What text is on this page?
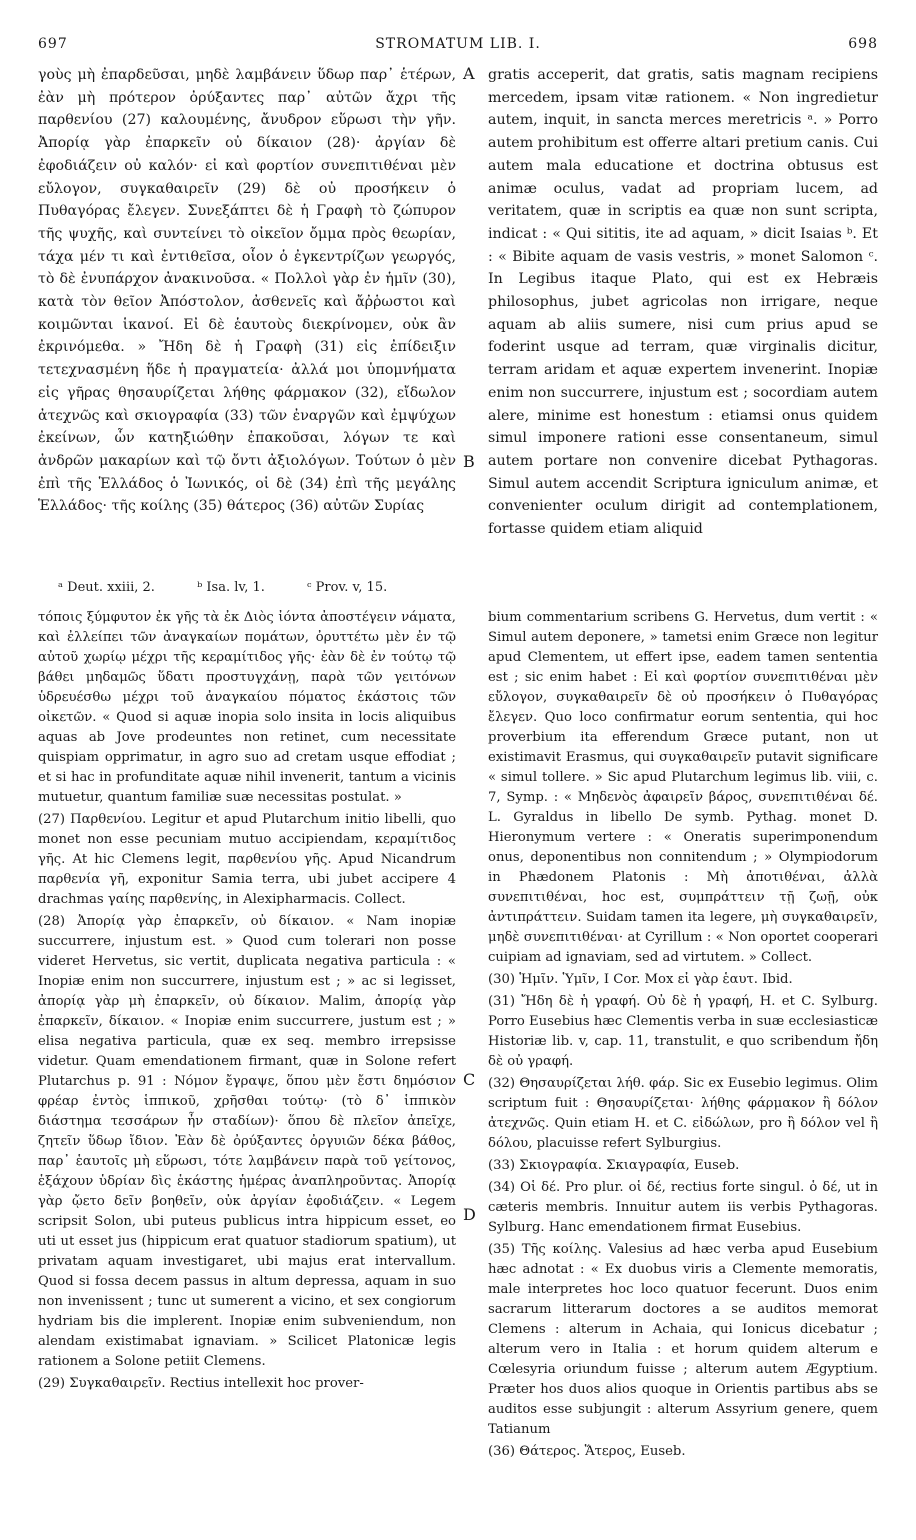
697	STROMATUM LIB. I.	698
γοὺς μὴ ἐπαρδεῦσαι, μηδὲ λαμβάνειν ὕδωρ παρ᾽ ἑτέρων, ἐὰν μὴ πρότερον ὀρύξαντες παρ᾽ αὐτῶν ἄχρι τῆς παρθενίου (27) καλουμένης, ἄνυδρον εὕρωσι τὴν γῆν. Ἀπορίᾳ γὰρ ἐπαρκεῖν οὐ δίκαιον (28)· ἀργίαν δὲ ἐφοδιάζειν οὐ καλόν· εἰ καὶ φορτίον συνεπιτιθέναι μὲν εὔλογον, συγκαθαιρεῖν (29) δὲ οὐ προσήκειν ὁ Πυθαγόρας ἔλεγεν. Συνεξάπτει δὲ ἡ Γραφὴ τὸ ζώπυρον τῆς ψυχῆς, καὶ συντείνει τὸ οἰκεῖον ὄμμα πρὸς θεωρίαν, τάχα μέν τι καὶ ἐντιθεῖσα, οἷον ὁ ἐγκεντρίζων γεωργός, τὸ δὲ ἐνυπάρχον ἀνακινοῦσα. « Πολλοὶ γὰρ ἐν ἡμῖν (30), κατὰ τὸν θεῖον Ἀπόστολον, ἀσθενεῖς καὶ ἄῤῥωστοι καὶ κοιμῶνται ἱκανοί. Εἰ δὲ ἑαυτοὺς διεκρίνομεν, οὐκ ἂν ἐκρινόμεθα. » Ἤδη δὲ ἡ Γραφὴ (31) εἰς ἐπίδειξιν τετεχνασμένη ἥδε ἡ πραγματεία· ἀλλά μοι ὑπομνήματα εἰς γῆρας θησαυρίζεται λήθης φάρμακον (32), εἴδωλον ἀτεχνῶς καὶ σκιογραφία (33) τῶν ἐναργῶν καὶ ἐμψύχων ἐκείνων, ὧν κατηξιώθην ἐπακοῦσαι, λόγων τε καὶ ἀνδρῶν μακαρίων καὶ τῷ ὄντι ἀξιολόγων. Τούτων ὁ μὲν ἐπὶ τῆς Ἑλλάδος ὁ Ἰωνικός, οἱ δὲ (34) ἐπὶ τῆς μεγάλης Ἑλλάδος· τῆς κοίλης (35) θάτερος (36) αὐτῶν Συρίας
gratis acceperit, dat gratis, satis magnam recipiens mercedem, ipsam vitæ rationem. « Non ingredietur autem, inquit, in sancta merces meretricis ᵃ. » Porro autem prohibitum est offerre altari pretium canis. Cui autem mala educatione et doctrina obtusus est animæ oculus, vadat ad propriam lucem, ad veritatem, quæ in scriptis ea quæ non sunt scripta, indicat : « Qui sititis, ite ad aquam, » dicit Isaias ᵇ. Et : « Bibite aquam de vasis vestris, » monet Salomon ᶜ. In Legibus itaque Plato, qui est ex Hebræis philosophus, jubet agricolas non irrigare, neque aquam ab aliis sumere, nisi cum prius apud se foderint usque ad terram, quæ virginalis dicitur, terram aridam et aquæ expertem invenerint. Inopiæ enim non succurrere, injustum est ; socordiam autem alere, minime est honestum : etiamsi onus quidem simul imponere rationi esse consentaneum, simul autem portare non convenire dicebat Pythagoras. Simul autem accendit Scriptura igniculum animæ, et convenienter oculum dirigit ad contemplationem, fortasse quidem etiam aliquid
A
B
C
D
ᵃ Deut. xxiii, 2.	ᵇ Isa. lv, 1.	ᶜ Prov. v, 15.

τόποις ξύμφυτον ἐκ γῆς τὰ ἐκ Διὸς ἰόντα ἀποστέγειν νάματα, καὶ ἐλλείπει τῶν ἀναγκαίων πομάτων, ὀρυττέτω μὲν ἐν τῷ αὐτοῦ χωρίῳ μέχρι τῆς κεραμίτιδος γῆς· ἐὰν δὲ ἐν τούτῳ τῷ βάθει μηδαμῶς ὕδατι προστυγχάνῃ, παρὰ τῶν γειτόνων ὑδρευέσθω μέχρι τοῦ ἀναγκαίου πόματος ἑκάστοις τῶν οἰκετῶν. « Quod si aquæ inopia solo insita in locis aliquibus aquas ab Jove prodeuntes non retinet, cum necessitate quispiam opprimatur, in agro suo ad cretam usque effodiat ; et si hac in profunditate aquæ nihil invenerit, tantum a vicinis mutuetur, quantum familiæ suæ necessitas postulat. »

(27) Παρθενίου. Legitur et apud Plutarchum initio libelli, quo monet non esse pecuniam mutuo accipiendam, κεραμίτιδος γῆς. At hic Clemens legit, παρθενίου γῆς. Apud Nicandrum παρθενία γῆ, exponitur Samia terra, ubi jubet accipere 4 drachmas γαίης παρθενίης, in Alexipharmacis. Collect.

(28) Ἀπορίᾳ γὰρ ἐπαρκεῖν, οὐ δίκαιον. « Nam inopiæ succurrere, injustum est. » Quod cum tolerari non posse videret Hervetus, sic vertit, duplicata negativa particula : « Inopiæ enim non succurrere, injustum est ; » ac si legisset, ἀπορίᾳ γὰρ μὴ ἐπαρκεῖν, οὐ δίκαιον. Malim, ἀπορίᾳ γὰρ ἐπαρκεῖν, δίκαιον. « Inopiæ enim succurrere, justum est ; » elisa negativa particula, quæ ex seq. membro irrepsisse videtur. Quam emendationem firmant, quæ in Solone refert Plutarchus p. 91 : Νόμον ἔγραψε, ὅπου μὲν ἔστι δημόσιον φρέαρ ἐντὸς ἱππικοῦ, χρῆσθαι τούτῳ· (τὸ δ᾽ ἱππικὸν διάστημα τεσσάρων ἦν σταδίων)· ὅπου δὲ πλεῖον ἀπεῖχε, ζητεῖν ὕδωρ ἴδιον. Ἐὰν δὲ ὀρύξαντες ὀργυιῶν δέκα βάθος, παρ᾽ ἑαυτοῖς μὴ εὕρωσι, τότε λαμβάνειν παρὰ τοῦ γείτονος, ἑξάχουν ὑδρίαν δὶς ἑκάστης ἡμέρας ἀναπληροῦντας. Ἀπορίᾳ γὰρ ᾤετο δεῖν βοηθεῖν, οὐκ ἀργίαν ἐφοδιάζειν. « Legem scripsit Solon, ubi puteus publicus intra hippicum esset, eo uti ut esset jus (hippicum erat quatuor stadiorum spatium), ut privatam aquam investigaret, ubi majus erat intervallum. Quod si fossa decem passus in altum depressa, aquam in suo non invenissent ; tunc ut sumerent a vicino, et sex congiorum hydriam bis die implerent. Inopiæ enim subveniendum, non alendam existimabat ignaviam. » Scilicet Platonicæ legis rationem a Solone petiit Clemens.

(29) Συγκαθαιρεῖν. Rectius intellexit hoc prover-

bium commentarium scribens G. Hervetus, dum vertit : « Simul autem deponere, » tametsi enim Græce non legitur apud Clementem, ut effert ipse, eadem tamen sententia est ; sic enim habet : Εἰ καὶ φορτίον συνεπιτιθέναι μὲν εὔλογον, συγκαθαιρεῖν δὲ οὐ προσήκειν ὁ Πυθαγόρας ἔλεγεν. Quo loco confirmatur eorum sententia, qui hoc proverbium ita efferendum Græce putant, non ut existimavit Erasmus, qui συγκαθαιρεῖν putavit significare « simul tollere. » Sic apud Plutarchum legimus lib. viii, c. 7, Symp. : « Μηδενὸς ἀφαιρεῖν βάρος, συνεπιτιθέναι δέ. L. Gyraldus in libello De symb. Pythag. monet D. Hieronymum vertere : « Oneratis superimponendum onus, deponentibus non connitendum ; » Olympiodorum in Phædonem Platonis : Μὴ ἀποτιθέναι, ἀλλὰ συνεπιτιθέναι, hoc est, συμπράττειν τῇ ζωῇ, οὐκ ἀντιπράττειν. Suidam tamen ita legere, μὴ συγκαθαιρεῖν, μηδὲ συνεπιτιθέναι· at Cyrillum : « Non oportet cooperari cuipiam ad ignaviam, sed ad virtutem. » Collect.

(30) Ἡμῖν. Ὑμῖν, I Cor. Mox εἰ γὰρ ἑαυτ. Ibid.

(31) Ἤδη δὲ ἡ γραφή. Οὐ δὲ ἡ γραφή, H. et C. Sylburg. Porro Eusebius hæc Clementis verba in suæ ecclesiasticæ Historiæ lib. v, cap. 11, transtulit, e quo scribendum ἤδη δὲ οὐ γραφή.

(32) Θησαυρίζεται λήθ. φάρ. Sic ex Eusebio legimus. Olim scriptum fuit : Θησαυρίζεται· λήθης φάρμακον ἢ δόλον ἀτεχνῶς. Quin etiam H. et C. εἰδώλων, pro ἢ δόλον vel ἢ δόλου, placuisse refert Sylburgius.

(33) Σκιογραφία. Σκιαγραφία, Euseb.

(34) Οἱ δέ. Pro plur. οἱ δέ, rectius forte singul. ὁ δέ, ut in cæteris membris. Innuitur autem iis verbis Pythagoras. Sylburg. Hanc emendationem firmat Eusebius.

(35) Τῆς κοίλης. Valesius ad hæc verba apud Eusebium hæc adnotat : « Ex duobus viris a Clemente memoratis, male interpretes hoc loco quatuor fecerunt. Duos enim sacrarum litterarum doctores a se auditos memorat Clemens : alterum in Achaia, qui Ionicus dicebatur ; alterum vero in Italia : et horum quidem alterum e Cœlesyria oriundum fuisse ; alterum autem Ægyptium. Præter hos duos alios quoque in Orientis partibus abs se auditos esse subjungit : alterum Assyrium genere, quem Tatianum

(36) Θάτερος. Ἅτερος, Euseb.
